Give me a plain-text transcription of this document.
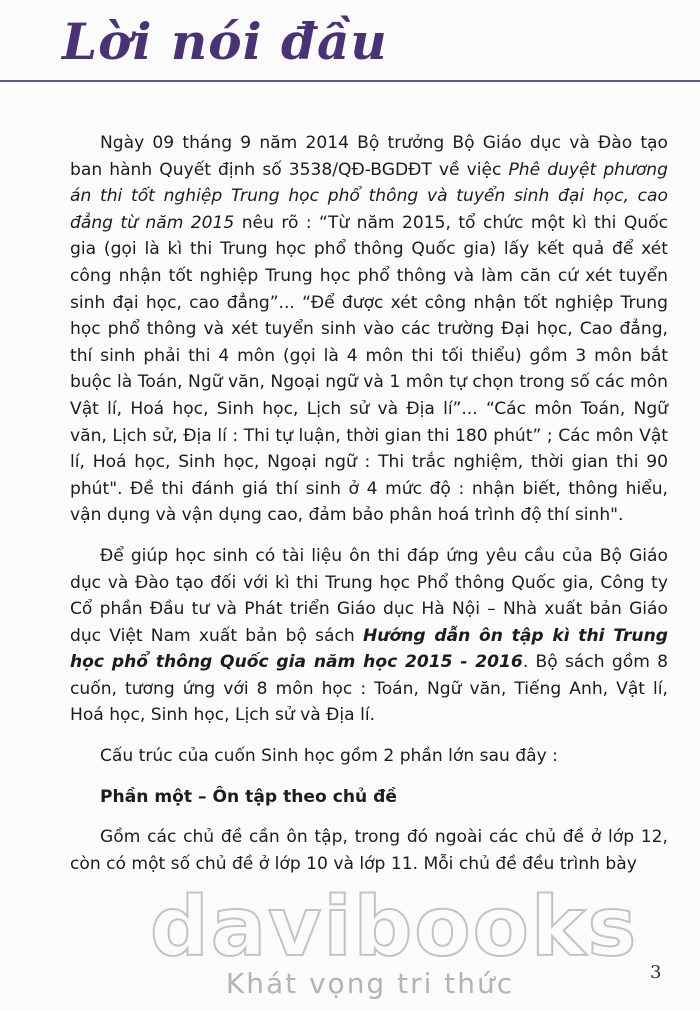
Lời nói đầu

Ngày 09 tháng 9 năm 2014 Bộ trưởng Bộ Giáo dục và Đào tạo ban hành Quyết định số 3538/QĐ-BGDĐT về việc Phê duyệt phương án thi tốt nghiệp Trung học phổ thông và tuyển sinh đại học, cao đẳng từ năm 2015 nêu rõ : “Từ năm 2015, tổ chức một kì thi Quốc gia (gọi là kì thi Trung học phổ thông Quốc gia) lấy kết quả để xét công nhận tốt nghiệp Trung học phổ thông và làm căn cứ xét tuyển sinh đại học, cao đẳng”... “Để được xét công nhận tốt nghiệp Trung học phổ thông và xét tuyển sinh vào các trường Đại học, Cao đẳng, thí sinh phải thi 4 môn (gọi là 4 môn thi tối thiểu) gồm 3 môn bắt buộc là Toán, Ngữ văn, Ngoại ngữ và 1 môn tự chọn trong số các môn Vật lí, Hoá học, Sinh học, Lịch sử và Địa lí”... “Các môn Toán, Ngữ văn, Lịch sử, Địa lí : Thi tự luận, thời gian thi 180 phút” ; Các môn Vật lí, Hoá học, Sinh học, Ngoại ngữ : Thi trắc nghiệm, thời gian thi 90 phút". Đề thi đánh giá thí sinh ở 4 mức độ : nhận biết, thông hiểu, vận dụng và vận dụng cao, đảm bảo phân hoá trình độ thí sinh".

Để giúp học sinh có tài liệu ôn thi đáp ứng yêu cầu của Bộ Giáo dục và Đào tạo đối với kì thi Trung học Phổ thông Quốc gia, Công ty Cổ phần Đầu tư và Phát triển Giáo dục Hà Nội – Nhà xuất bản Giáo dục Việt Nam xuất bản bộ sách Hướng dẫn ôn tập kì thi Trung học phổ thông Quốc gia năm học 2015 - 2016. Bộ sách gồm 8 cuốn, tương ứng với 8 môn học : Toán, Ngữ văn, Tiếng Anh, Vật lí, Hoá học, Sinh học, Lịch sử và Địa lí.

Cấu trúc của cuốn Sinh học gồm 2 phần lớn sau đây :

Phần một – Ôn tập theo chủ đề

Gồm các chủ đề cần ôn tập, trong đó ngoài các chủ đề ở lớp 12, còn có một số chủ đề ở lớp 10 và lớp 11. Mỗi chủ đề đều trình bày

3
davibooks
Khát vọng tri thức
